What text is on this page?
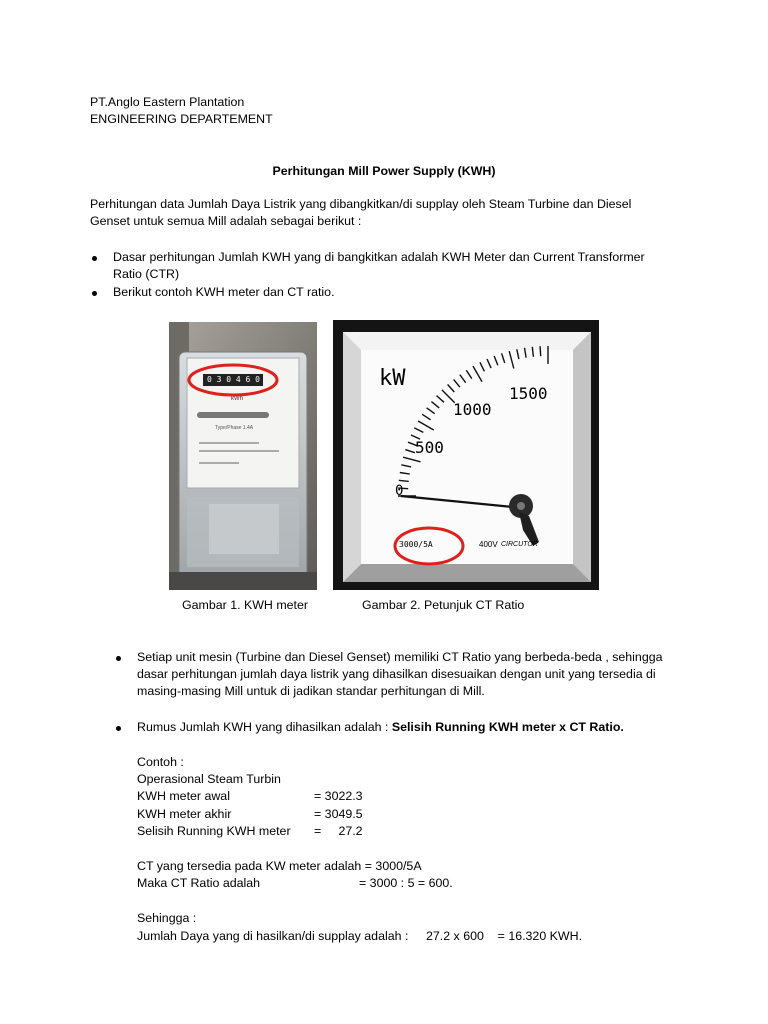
PT.Anglo Eastern Plantation
ENGINEERING DEPARTEMENT
Perhitungan Mill Power Supply (KWH)
Perhitungan data Jumlah Daya Listrik yang dibangkitkan/di supplay oleh Steam Turbine dan Diesel
Genset untuk semua Mill adalah sebagai berikut :
Dasar perhitungan Jumlah KWH yang di bangkitkan adalah KWH Meter dan Current Transformer
Ratio (CTR)
Berikut contoh KWH meter dan CT ratio.
0 3 0 4 6 0
kWh
Type/Phase 1.4A
kW
0
500
1000
1500
3000/5A	400V CIRCUTOR
Gambar 1. KWH meter	Gambar 2. Petunjuk CT Ratio
Setiap unit mesin (Turbine dan Diesel Genset) memiliki CT Ratio yang berbeda-beda , sehingga
dasar perhitungan jumlah daya listrik yang dihasilkan disesuaikan dengan unit yang tersedia di
masing-masing Mill untuk di jadikan standar perhitungan di Mill.
Rumus Jumlah KWH yang dihasilkan adalah : Selisih Running KWH meter x CT Ratio.
Contoh :
Operasional Steam Turbin
KWH meter awal	= 3022.3
KWH meter akhir	= 3049.5
Selisih Running KWH meter =     27.2
CT yang tersedia pada KW meter adalah = 3000/5A
Maka CT Ratio adalah	= 3000 : 5 = 600.
Sehingga :
Jumlah Daya yang di hasilkan/di supplay adalah : 27.2 x 600    = 16.320 KWH.
